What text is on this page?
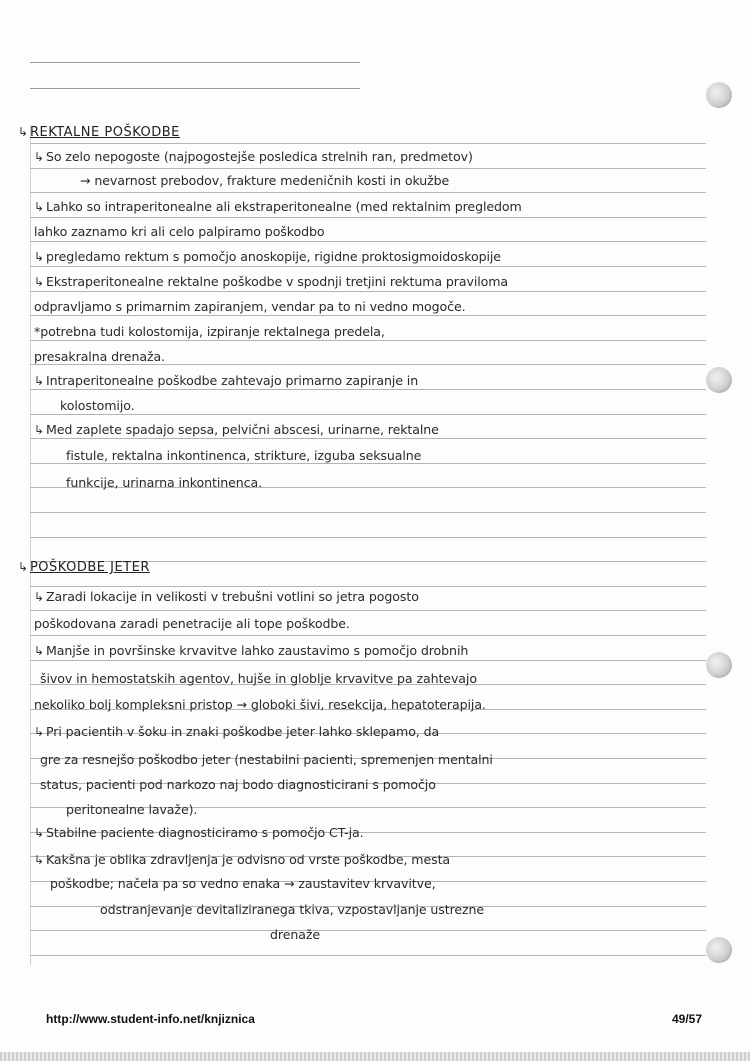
↳ REKTALNE POŠKODBE
↳ So zelo nepogoste (najpogostejše posledica strelnih ran, predmetov)
→ nevarnost prebodov, frakture medeničnih kosti in okužbe
↳ Lahko so intraperitonealne ali ekstraperitonealne (med rektalnim pregledom
lahko zaznamo kri ali celo palpiramo poškodbo
↳ pregledamo rektum s pomočjo anoskopije, rigidne proktosigmoidoskopije
↳ Ekstraperitonealne rektalne poškodbe v spodnji tretjini rektuma praviloma
odpravljamo s primarnim zapiranjem, vendar pa to ni vedno mogoče.
*potrebna tudi kolostomija, izpiranje rektalnega predela,
presakralna drenaža.
↳ Intraperitonealne poškodbe zahtevajo primarno zapiranje in
kolostomijo.
↳ Med zaplete spadajo sepsa, pelvični abscesi, urinarne, rektalne
fistule, rektalna inkontinenca, strikture, izguba seksualne
funkcije, urinarna inkontinenca.
↳ POŠKODBE JETER
↳ Zaradi lokacije in velikosti v trebušni votlini so jetra pogosto
poškodovana zaradi penetracije ali tope poškodbe.
↳ Manjše in površinske krvavitve lahko zaustavimo s pomočjo drobnih
šivov in hemostatskih agentov, hujše in globlje krvavitve pa zahtevajo
nekoliko bolj kompleksni pristop → globoki šivi, resekcija, hepatoterapija.
↳ Pri pacientih v šoku in znaki poškodbe jeter lahko sklepamo, da
gre za resnejšo poškodbo jeter (nestabilni pacienti, spremenjen mentalni
status, pacienti pod narkozo naj bodo diagnosticirani s pomočjo
peritonealne lavaže).
↳ Stabilne paciente diagnosticiramo s pomočjo CT-ja.
↳ Kakšna je oblika zdravljenja je odvisno od vrste poškodbe, mesta
poškodbe; načela pa so vedno enaka → zaustavitev krvavitve,
odstranjevanje devitaliziranega tkiva, vzpostavljanje ustrezne
drenaže
http://www.student-info.net/knjiznica	49/57
